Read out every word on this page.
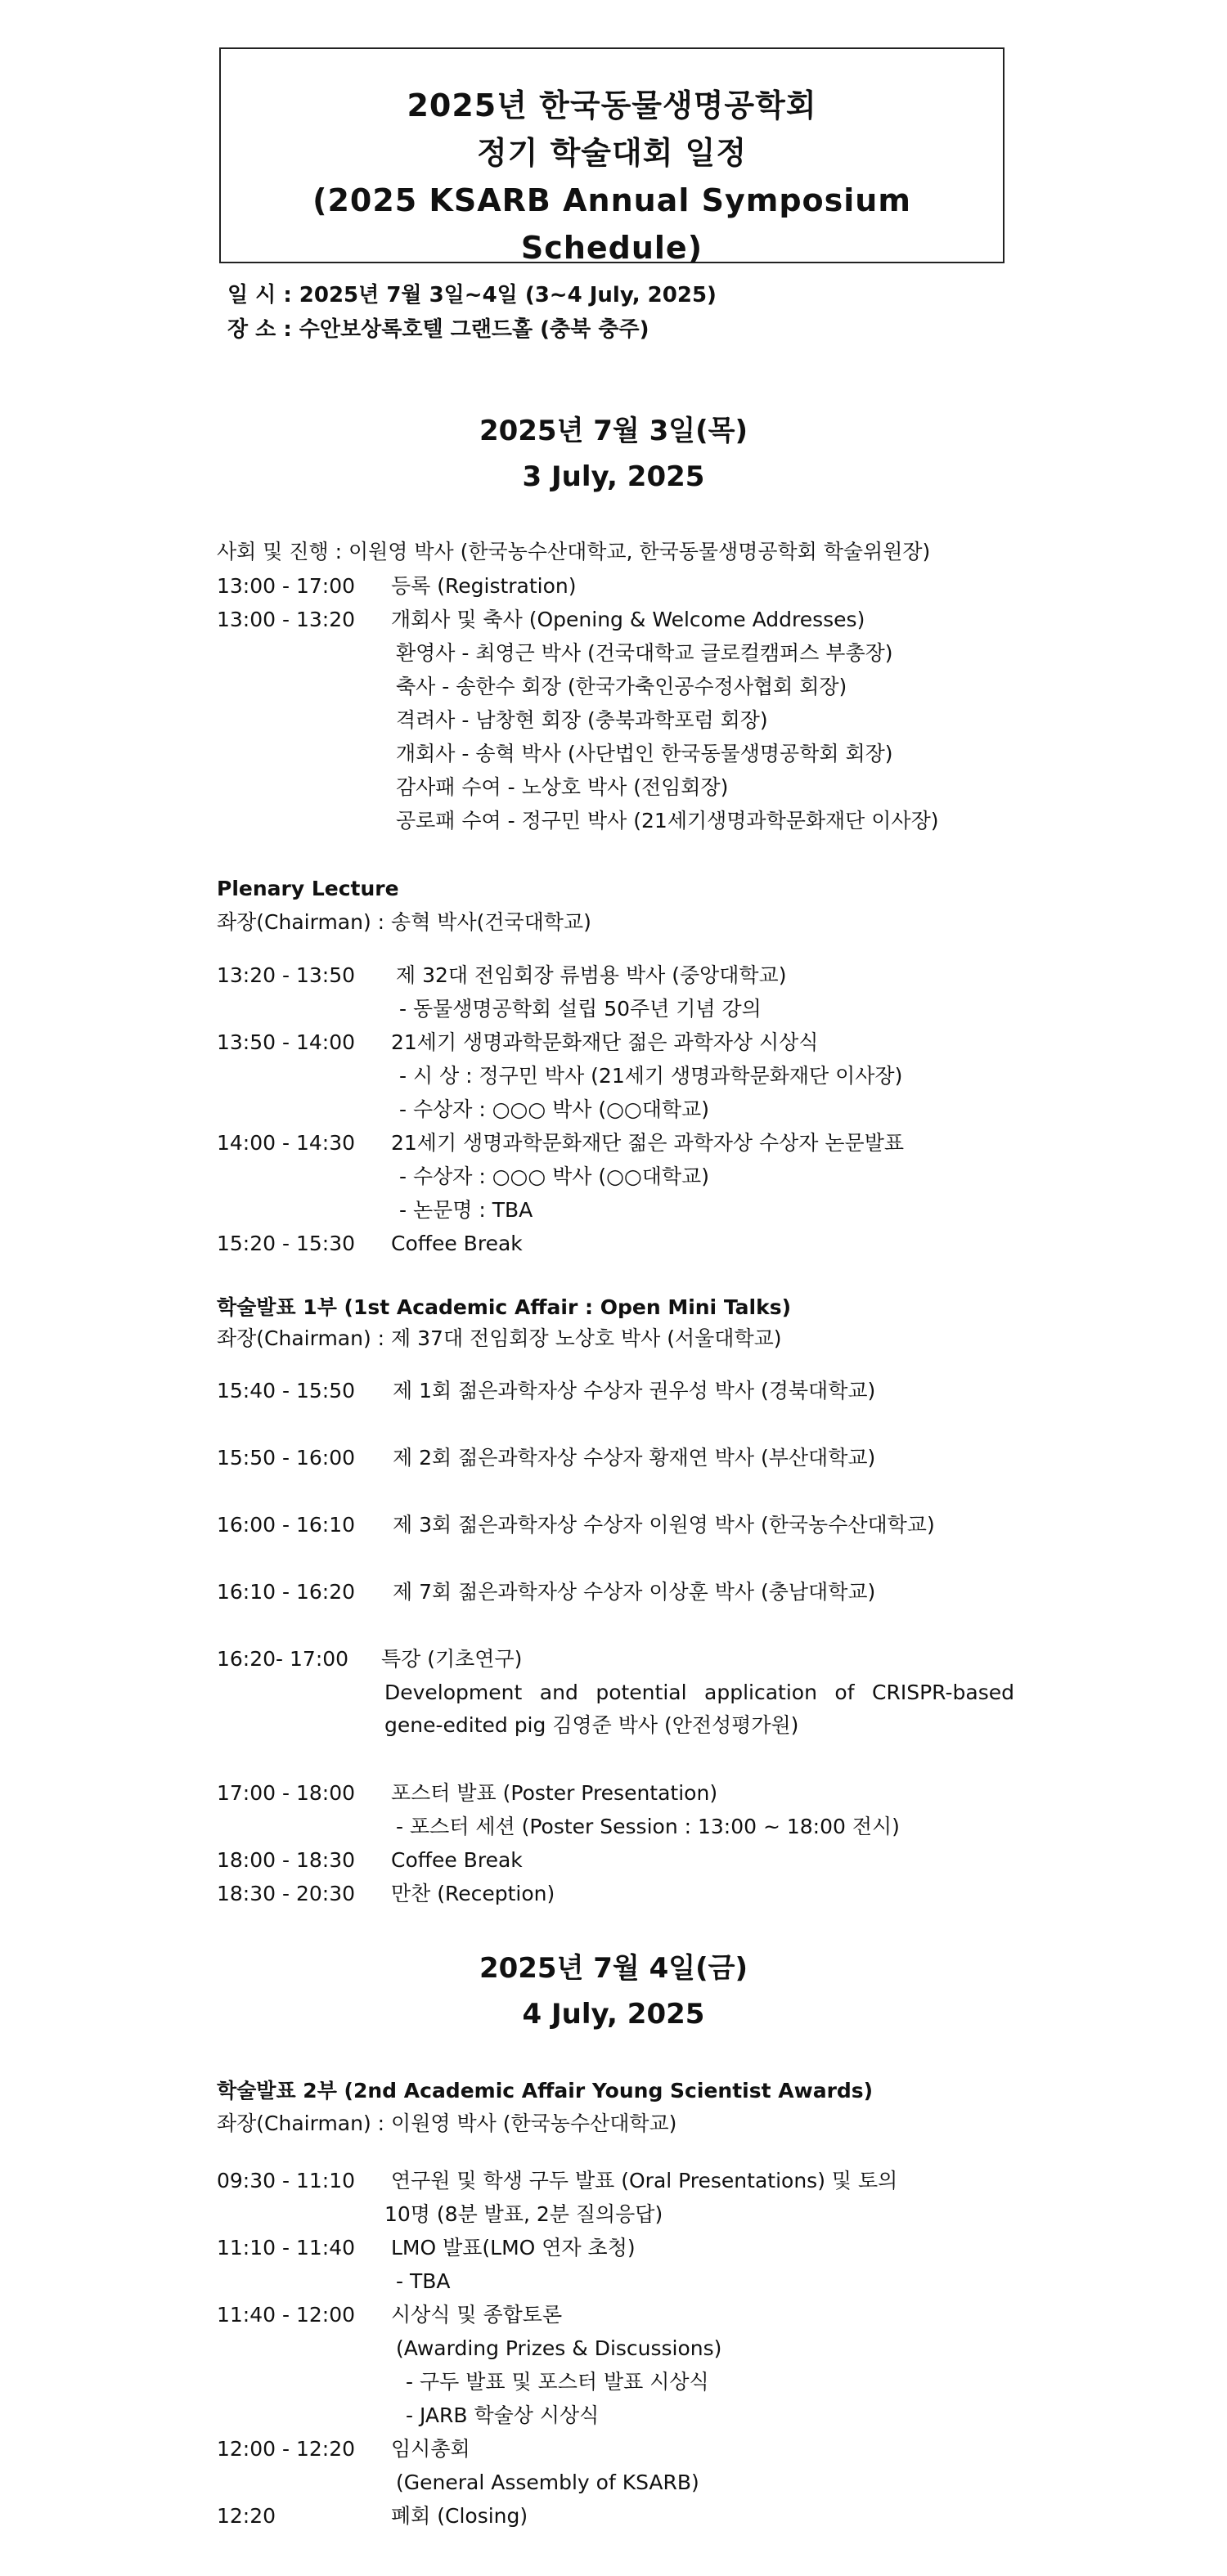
2025년 한국동물생명공학회
정기 학술대회 일정
(2025 KSARB Annual Symposium Schedule)
일 시 : 2025년 7월 3일~4일 (3~4 July, 2025)
장 소 : 수안보상록호텔 그랜드홀 (충북 충주)
2025년 7월 3일(목)
3 July, 2025
사회 및 진행 : 이원영 박사 (한국농수산대학교, 한국동물생명공학회 학술위원장)
13:00 - 17:00 등록 (Registration)
13:00 - 13:20 개회사 및 축사 (Opening & Welcome Addresses)
환영사 - 최영근 박사 (건국대학교 글로컬캠퍼스 부총장)
축사 - 송한수 회장 (한국가축인공수정사협회 회장)
격려사 - 남창현 회장 (충북과학포럼 회장)
개회사 - 송혁 박사 (사단법인 한국동물생명공학회 회장)
감사패 수여 - 노상호 박사 (전임회장)
공로패 수여 - 정구민 박사 (21세기생명과학문화재단 이사장)
Plenary Lecture
좌장(Chairman) : 송혁 박사(건국대학교)
13:20 - 13:50 제 32대 전임회장 류범용 박사 (중앙대학교)
- 동물생명공학회 설립 50주년 기념 강의
13:50 - 14:00 21세기 생명과학문화재단 젊은 과학자상 시상식
- 시 상 : 정구민 박사 (21세기 생명과학문화재단 이사장)
- 수상자 : ○○○ 박사 (○○대학교)
14:00 - 14:30 21세기 생명과학문화재단 젊은 과학자상 수상자 논문발표
- 수상자 : ○○○ 박사 (○○대학교)
- 논문명 : TBA
15:20 - 15:30 Coffee Break
학술발표 1부 (1st Academic Affair : Open Mini Talks)
좌장(Chairman) : 제 37대 전임회장 노상호 박사 (서울대학교)
15:40 - 15:50 제 1회 젊은과학자상 수상자 권우성 박사 (경북대학교)
15:50 - 16:00 제 2회 젊은과학자상 수상자 황재연 박사 (부산대학교)
16:00 - 16:10 제 3회 젊은과학자상 수상자 이원영 박사 (한국농수산대학교)
16:10 - 16:20 제 7회 젊은과학자상 수상자 이상훈 박사 (충남대학교)
16:20- 17:00 특강 (기초연구)
Development and potential application of CRISPR-based
gene-edited pig 김영준 박사 (안전성평가원)
17:00 - 18:00 포스터 발표 (Poster Presentation)
- 포스터 세션 (Poster Session : 13:00 ~ 18:00 전시)
18:00 - 18:30 Coffee Break
18:30 - 20:30 만찬 (Reception)
2025년 7월 4일(금)
4 July, 2025
학술발표 2부 (2nd Academic Affair Young Scientist Awards)
좌장(Chairman) : 이원영 박사 (한국농수산대학교)
09:30 - 11:10 연구원 및 학생 구두 발표 (Oral Presentations) 및 토의
10명 (8분 발표, 2분 질의응답)
11:10 - 11:40 LMO 발표(LMO 연자 초청)
- TBA
11:40 - 12:00 시상식 및 종합토론
(Awarding Prizes & Discussions)
- 구두 발표 및 포스터 발표 시상식
- JARB 학술상 시상식
12:00 - 12:20 임시총회
(General Assembly of KSARB)
12:20	폐회 (Closing)
